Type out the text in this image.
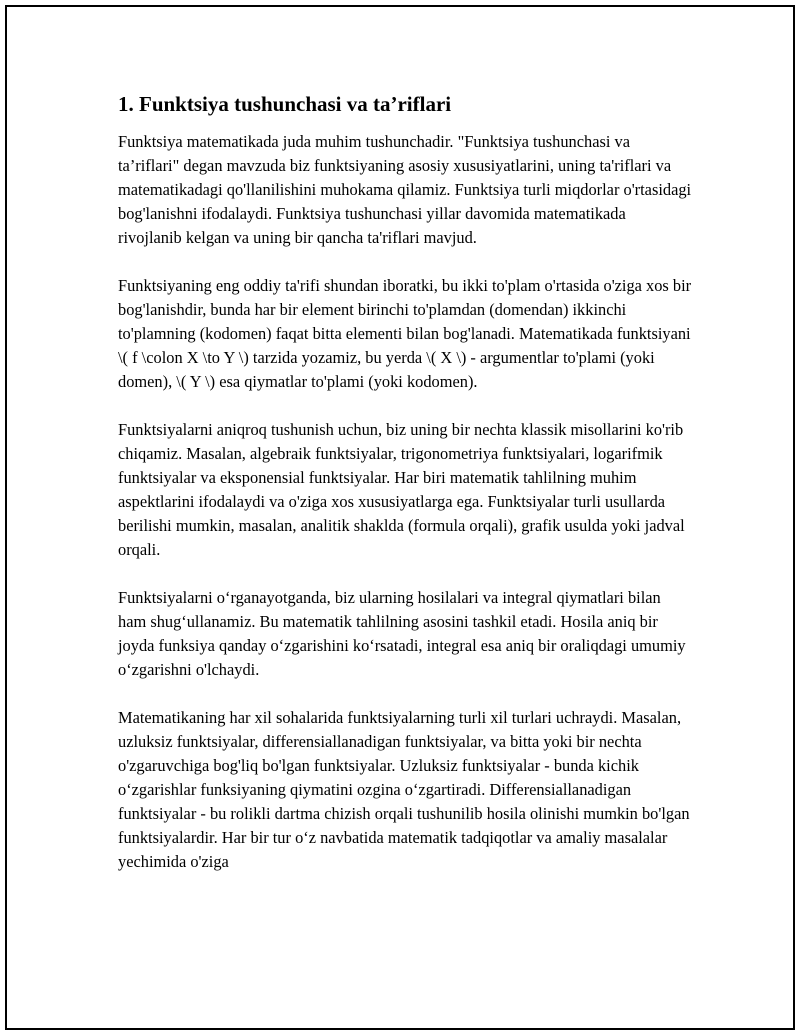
1. Funktsiya tushunchasi va ta’riflari

Funktsiya matematikada juda muhim tushunchadir. "Funktsiya tushunchasi va ta’riflari" degan mavzuda biz funktsiyaning asosiy xususiyatlarini, uning ta'riflari va matematikadagi qo'llanilishini muhokama qilamiz. Funktsiya turli miqdorlar o'rtasidagi bog'lanishni ifodalaydi. Funktsiya tushunchasi yillar davomida matematikada rivojlanib kelgan va uning bir qancha ta'riflari mavjud.

Funktsiyaning eng oddiy ta'rifi shundan iboratki, bu ikki to'plam o'rtasida o'ziga xos bir bog'lanishdir, bunda har bir element birinchi to'plamdan (domendan) ikkinchi to'plamning (kodomen) faqat bitta elementi bilan bog'lanadi. Matematikada funktsiyani \( f \colon X \to Y \) tarzida yozamiz, bu yerda \( X \) - argumentlar to'plami (yoki domen), \( Y \) esa qiymatlar to'plami (yoki kodomen).

Funktsiyalarni aniqroq tushunish uchun, biz uning bir nechta klassik misollarini ko'rib chiqamiz. Masalan, algebraik funktsiyalar, trigonometriya funktsiyalari, logarifmik funktsiyalar va eksponensial funktsiyalar. Har biri matematik tahlilning muhim aspektlarini ifodalaydi va o'ziga xos xususiyatlarga ega. Funktsiyalar turli usullarda berilishi mumkin, masalan, analitik shaklda (formula orqali), grafik usulda yoki jadval orqali.

Funktsiyalarni o‘rganayotganda, biz ularning hosilalari va integral qiymatlari bilan ham shug‘ullanamiz. Bu matematik tahlilning asosini tashkil etadi. Hosila aniq bir joyda funksiya qanday o‘zgarishini ko‘rsatadi, integral esa aniq bir oraliqdagi umumiy o‘zgarishni o'lchaydi.

Matematikaning har xil sohalarida funktsiyalarning turli xil turlari uchraydi. Masalan, uzluksiz funktsiyalar, differensiallanadigan funktsiyalar, va bitta yoki bir nechta o'zgaruvchiga bog'liq bo'lgan funktsiyalar. Uzluksiz funktsiyalar - bunda kichik o‘zgarishlar funksiyaning qiymatini ozgina o‘zgartiradi. Differensiallanadigan funktsiyalar - bu rolikli dartma chizish orqali tushunilib hosila olinishi mumkin bo'lgan funktsiyalardir. Har bir tur o‘z navbatida matematik tadqiqotlar va amaliy masalalar yechimida o'ziga
